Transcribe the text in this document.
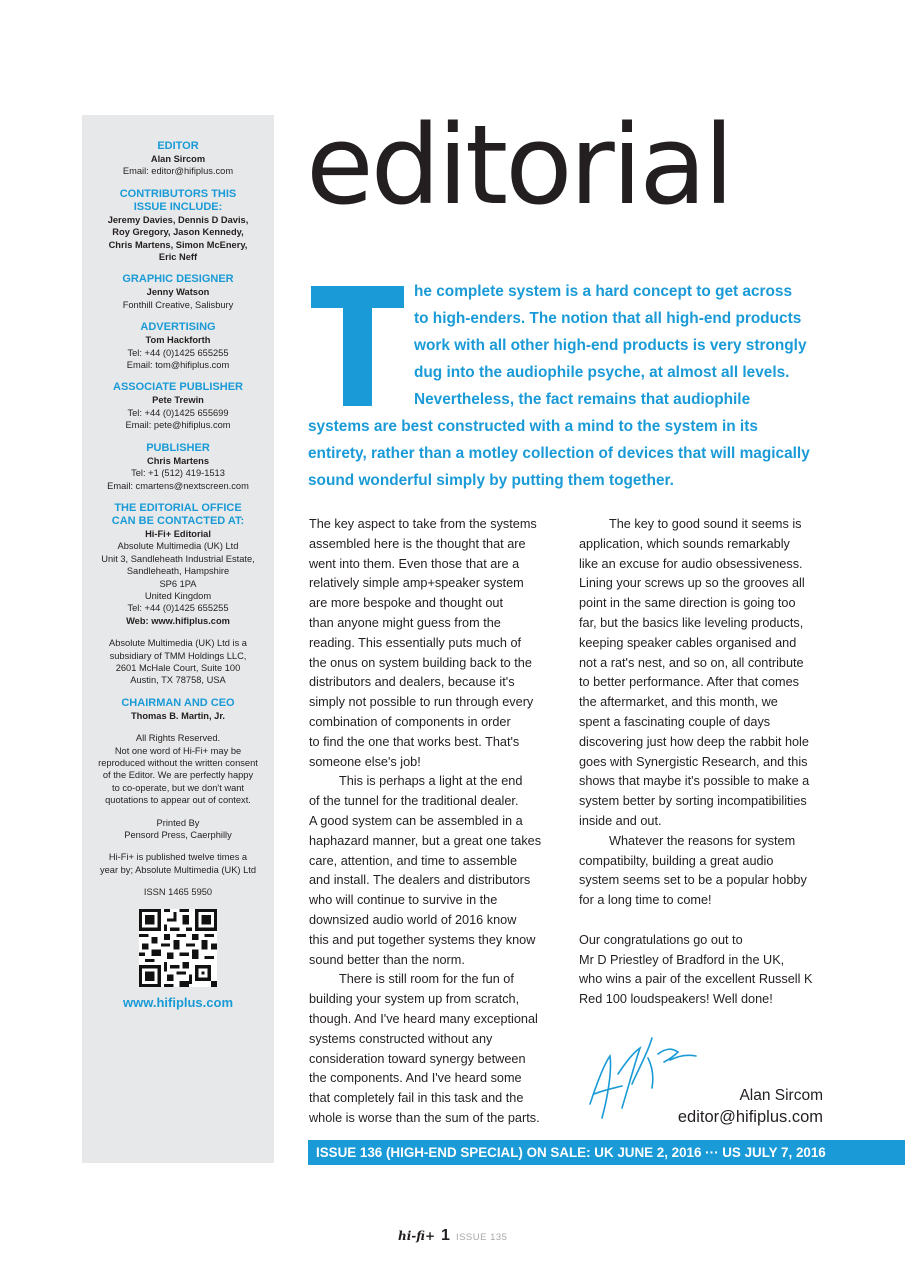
EDITOR
Alan Sircom
Email: editor@hifiplus.com
CONTRIBUTORS THIS
ISSUE INCLUDE:
Jeremy Davies, Dennis D Davis,
Roy Gregory, Jason Kennedy,
Chris Martens, Simon McEnery,
Eric Neff
GRAPHIC DESIGNER
Jenny Watson
Fonthill Creative, Salisbury
ADVERTISING
Tom Hackforth
Tel: +44 (0)1425 655255
Email: tom@hifiplus.com
ASSOCIATE PUBLISHER
Pete Trewin
Tel: +44 (0)1425 655699
Email: pete@hifiplus.com
PUBLISHER
Chris Martens
Tel: +1 (512) 419-1513
Email: cmartens@nextscreen.com
THE EDITORIAL OFFICE
CAN BE CONTACTED AT:
Hi-Fi+ Editorial
Absolute Multimedia (UK) Ltd
Unit 3, Sandleheath Industrial Estate,
Sandleheath, Hampshire
SP6 1PA
United Kingdom
Tel: +44 (0)1425 655255
Web: www.hifiplus.com
Absolute Multimedia (UK) Ltd is a
subsidiary of TMM Holdings LLC,
2601 McHale Court, Suite 100
Austin, TX 78758, USA
CHAIRMAN AND CEO
Thomas B. Martin, Jr.
All Rights Reserved.
Not one word of Hi-Fi+ may be
reproduced without the written consent
of the Editor. We are perfectly happy
to co-operate, but we don't want
quotations to appear out of context.
Printed By
Pensord Press, Caerphilly
Hi-Fi+ is published twelve times a
year by; Absolute Multimedia (UK) Ltd
ISSN 1465 5950
www.hifiplus.com
editorial
he complete system is a hard concept to get across
to high-enders. The notion that all high-end products
work with all other high-end products is very strongly
dug into the audiophile psyche, at almost all levels.
Nevertheless, the fact remains that audiophile
systems are best constructed with a mind to the system in its
entirety, rather than a motley collection of devices that will magically
sound wonderful simply by putting them together.
The key aspect to take from the systems
assembled here is the thought that are
went into them. Even those that are a
relatively simple amp+speaker system
are more bespoke and thought out
than anyone might guess from the
reading. This essentially puts much of
the onus on system building back to the
distributors and dealers, because it's
simply not possible to run through every
combination of components in order
to find the one that works best. That's
someone else's job!
This is perhaps a light at the end
of the tunnel for the traditional dealer.
A good system can be assembled in a
haphazard manner, but a great one takes
care, attention, and time to assemble
and install. The dealers and distributors
who will continue to survive in the
downsized audio world of 2016 know
this and put together systems they know
sound better than the norm.
There is still room for the fun of
building your system up from scratch,
though. And I've heard many exceptional
systems constructed without any
consideration toward synergy between
the components. And I've heard some
that completely fail in this task and the
whole is worse than the sum of the parts.
The key to good sound it seems is
application, which sounds remarkably
like an excuse for audio obsessiveness.
Lining your screws up so the grooves all
point in the same direction is going too
far, but the basics like leveling products,
keeping speaker cables organised and
not a rat's nest, and so on, all contribute
to better performance. After that comes
the aftermarket, and this month, we
spent a fascinating couple of days
discovering just how deep the rabbit hole
goes with Synergistic Research, and this
shows that maybe it's possible to make a
system better by sorting incompatibilities
inside and out.
Whatever the reasons for system
compatibilty, building a great audio
system seems set to be a popular hobby
for a long time to come!

Our congratulations go out to
Mr D Priestley of Bradford in the UK,
who wins a pair of the excellent Russell K
Red 100 loudspeakers! Well done!
Alan Sircom
editor@hifiplus.com
ISSUE 136 (HIGH-END SPECIAL) ON SALE: UK JUNE 2, 2016 ··· US JULY 7, 2016
hi-fi+ 1 ISSUE 135
